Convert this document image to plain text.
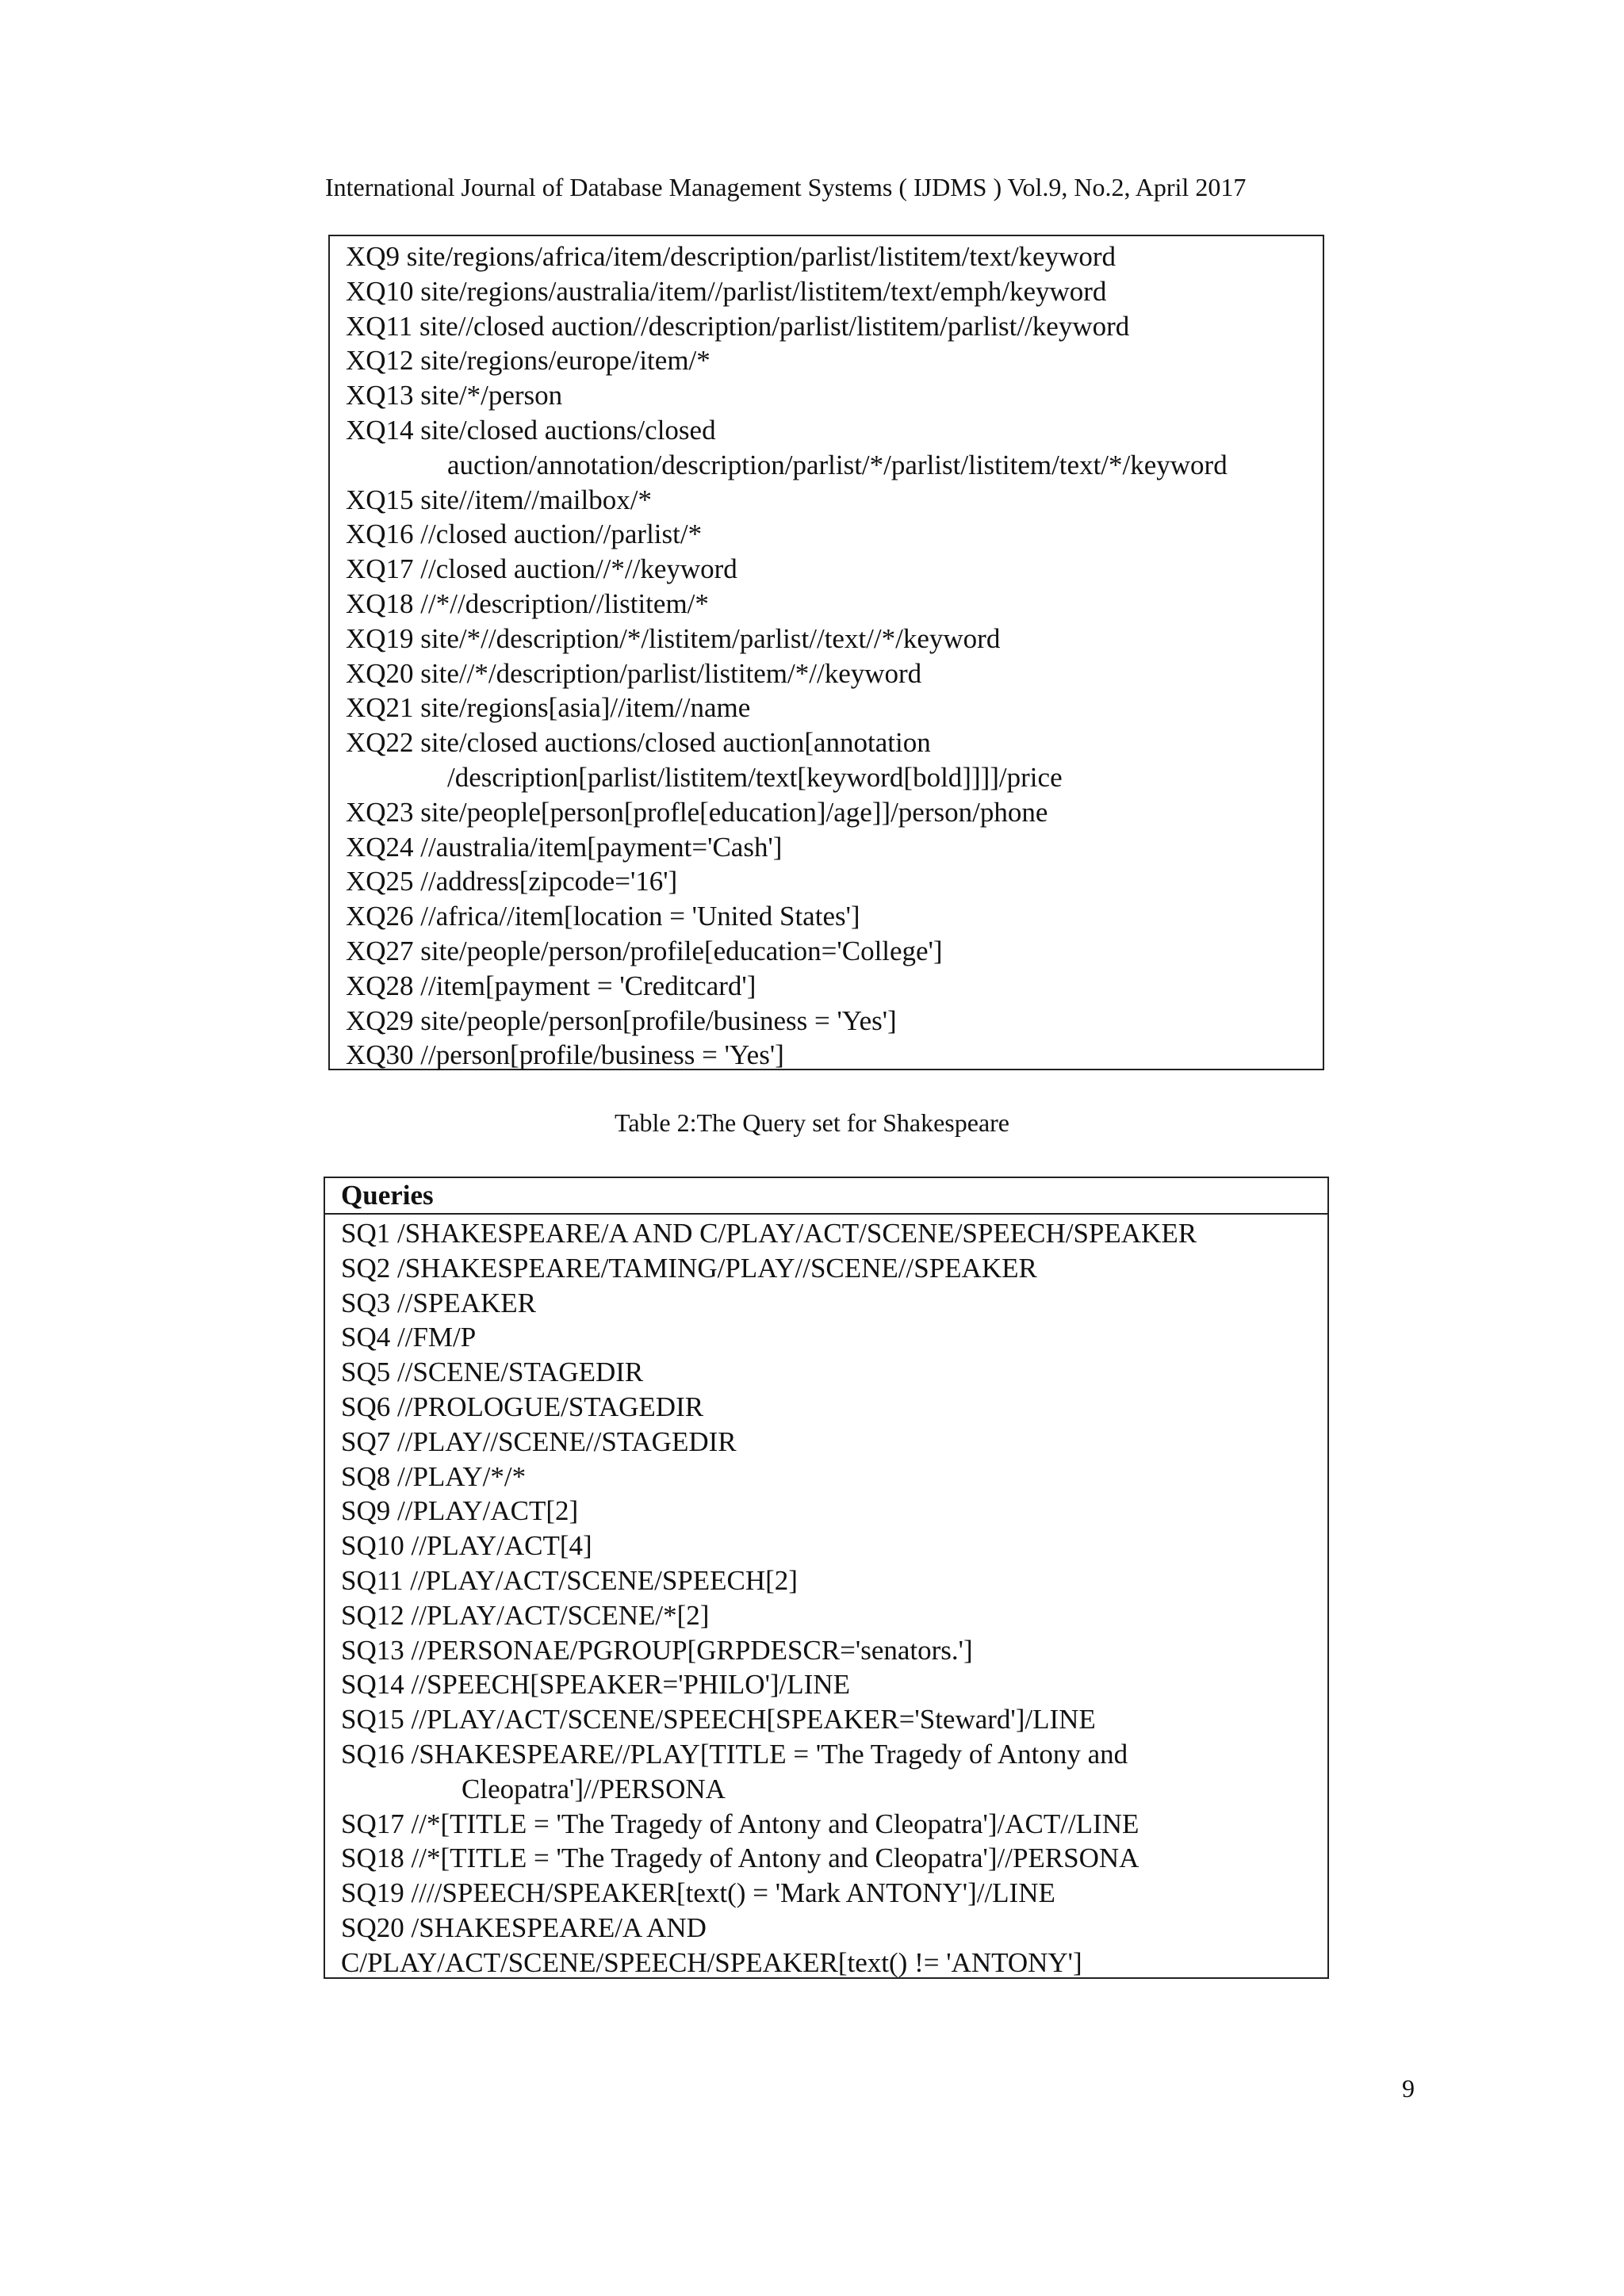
International Journal of Database Management Systems ( IJDMS ) Vol.9, No.2, April 2017
XQ9 site/regions/africa/item/description/parlist/listitem/text/keyword
XQ10 site/regions/australia/item//parlist/listitem/text/emph/keyword
XQ11 site//closed auction//description/parlist/listitem/parlist//keyword
XQ12 site/regions/europe/item/*
XQ13 site/*/person
XQ14 site/closed auctions/closed
auction/annotation/description/parlist/*/parlist/listitem/text/*/keyword
XQ15 site//item//mailbox/*
XQ16 //closed auction//parlist/*
XQ17 //closed auction//*//keyword
XQ18 //*//description//listitem/*
XQ19 site/*//description/*/listitem/parlist//text//*/keyword
XQ20 site//*/description/parlist/listitem/*//keyword
XQ21 site/regions[asia]//item//name
XQ22 site/closed auctions/closed auction[annotation
/description[parlist/listitem/text[keyword[bold]]]]/price
XQ23 site/people[person[profle[education]/age]]/person/phone
XQ24 //australia/item[payment='Cash']
XQ25 //address[zipcode='16']
XQ26 //africa//item[location = 'United States']
XQ27 site/people/person/profile[education='College']
XQ28 //item[payment = 'Creditcard']
XQ29 site/people/person[profile/business = 'Yes']
XQ30 //person[profile/business = 'Yes']
Table 2:The Query set for Shakespeare
Queries
SQ1 /SHAKESPEARE/A AND C/PLAY/ACT/SCENE/SPEECH/SPEAKER
SQ2 /SHAKESPEARE/TAMING/PLAY//SCENE//SPEAKER
SQ3 //SPEAKER
SQ4 //FM/P
SQ5 //SCENE/STAGEDIR
SQ6 //PROLOGUE/STAGEDIR
SQ7 //PLAY//SCENE//STAGEDIR
SQ8 //PLAY/*/*
SQ9 //PLAY/ACT[2]
SQ10 //PLAY/ACT[4]
SQ11 //PLAY/ACT/SCENE/SPEECH[2]
SQ12 //PLAY/ACT/SCENE/*[2]
SQ13 //PERSONAE/PGROUP[GRPDESCR='senators.']
SQ14 //SPEECH[SPEAKER='PHILO']/LINE
SQ15 //PLAY/ACT/SCENE/SPEECH[SPEAKER='Steward']/LINE
SQ16 /SHAKESPEARE//PLAY[TITLE = 'The Tragedy of Antony and
Cleopatra']//PERSONA
SQ17 //*[TITLE = 'The Tragedy of Antony and Cleopatra']/ACT//LINE
SQ18 //*[TITLE = 'The Tragedy of Antony and Cleopatra']//PERSONA
SQ19 ////SPEECH/SPEAKER[text() = 'Mark ANTONY']//LINE
SQ20 /SHAKESPEARE/A AND
C/PLAY/ACT/SCENE/SPEECH/SPEAKER[text() != 'ANTONY']
9
